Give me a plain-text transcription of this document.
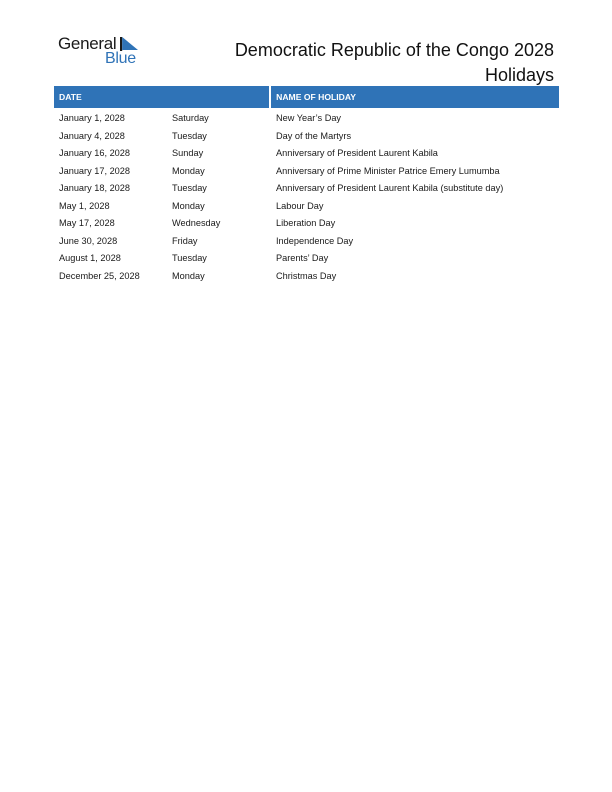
General
Blue	Democratic Republic of the Congo 2028
Holidays
DATE	NAME OF HOLIDAY
January 1, 2028	Saturday	New Year’s Day
January 4, 2028	Tuesday	Day of the Martyrs
January 16, 2028	Sunday	Anniversary of President Laurent Kabila
January 17, 2028	Monday	Anniversary of Prime Minister Patrice Emery Lumumba
January 18, 2028	Tuesday	Anniversary of President Laurent Kabila (substitute day)
May 1, 2028	Monday	Labour Day
May 17, 2028	Wednesday	Liberation Day
June 30, 2028	Friday	Independence Day
August 1, 2028	Tuesday	Parents’ Day
December 25, 2028	Monday	Christmas Day
